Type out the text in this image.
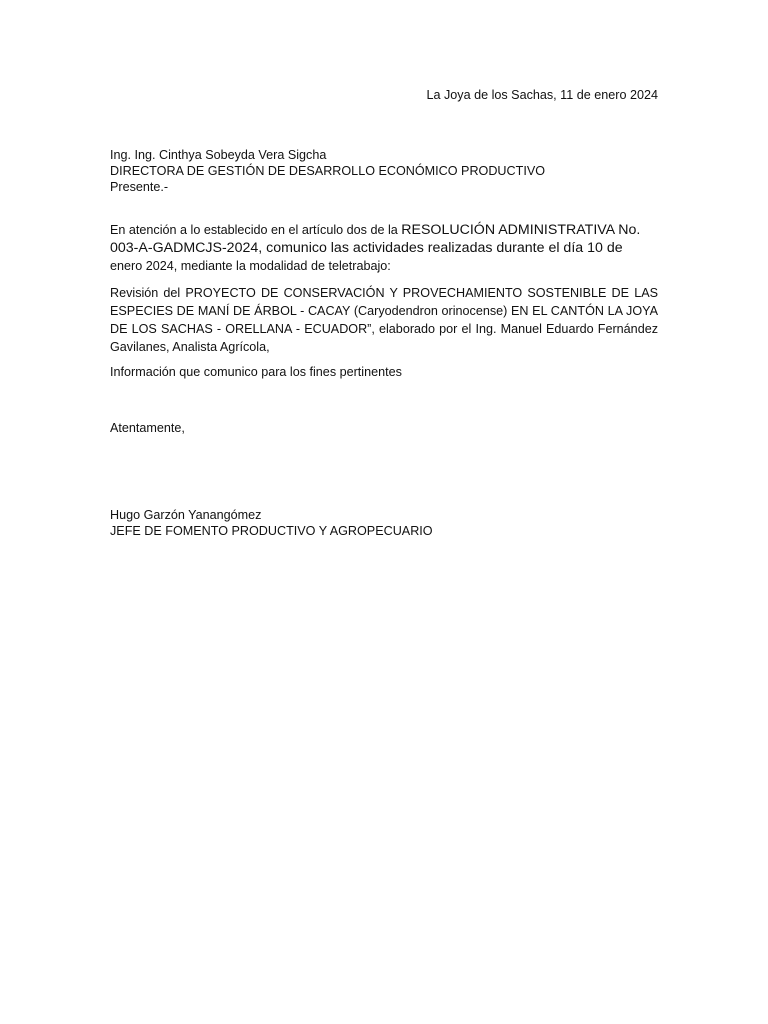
La Joya de los Sachas, 11 de enero 2024
Ing. Ing. Cinthya Sobeyda Vera Sigcha
DIRECTORA DE GESTIÓN DE DESARROLLO ECONÓMICO PRODUCTIVO
Presente.-
En atención a lo establecido en el artículo dos de la RESOLUCIÓN ADMINISTRATIVA No. 003-A-GADMCJS-2024, comunico las actividades realizadas durante el día 10 de enero 2024, mediante la modalidad de teletrabajo:
Revisión del PROYECTO DE CONSERVACIÓN Y PROVECHAMIENTO SOSTENIBLE DE LAS ESPECIES DE MANÍ DE ÁRBOL - CACAY (Caryodendron orinocense) EN EL CANTÓN LA JOYA DE LOS SACHAS - ORELLANA - ECUADOR”, elaborado por el Ing. Manuel Eduardo Fernández Gavilanes, Analista Agrícola,
Información que comunico para los fines pertinentes
Atentamente,
Hugo Garzón Yanangómez
JEFE DE FOMENTO PRODUCTIVO Y AGROPECUARIO
